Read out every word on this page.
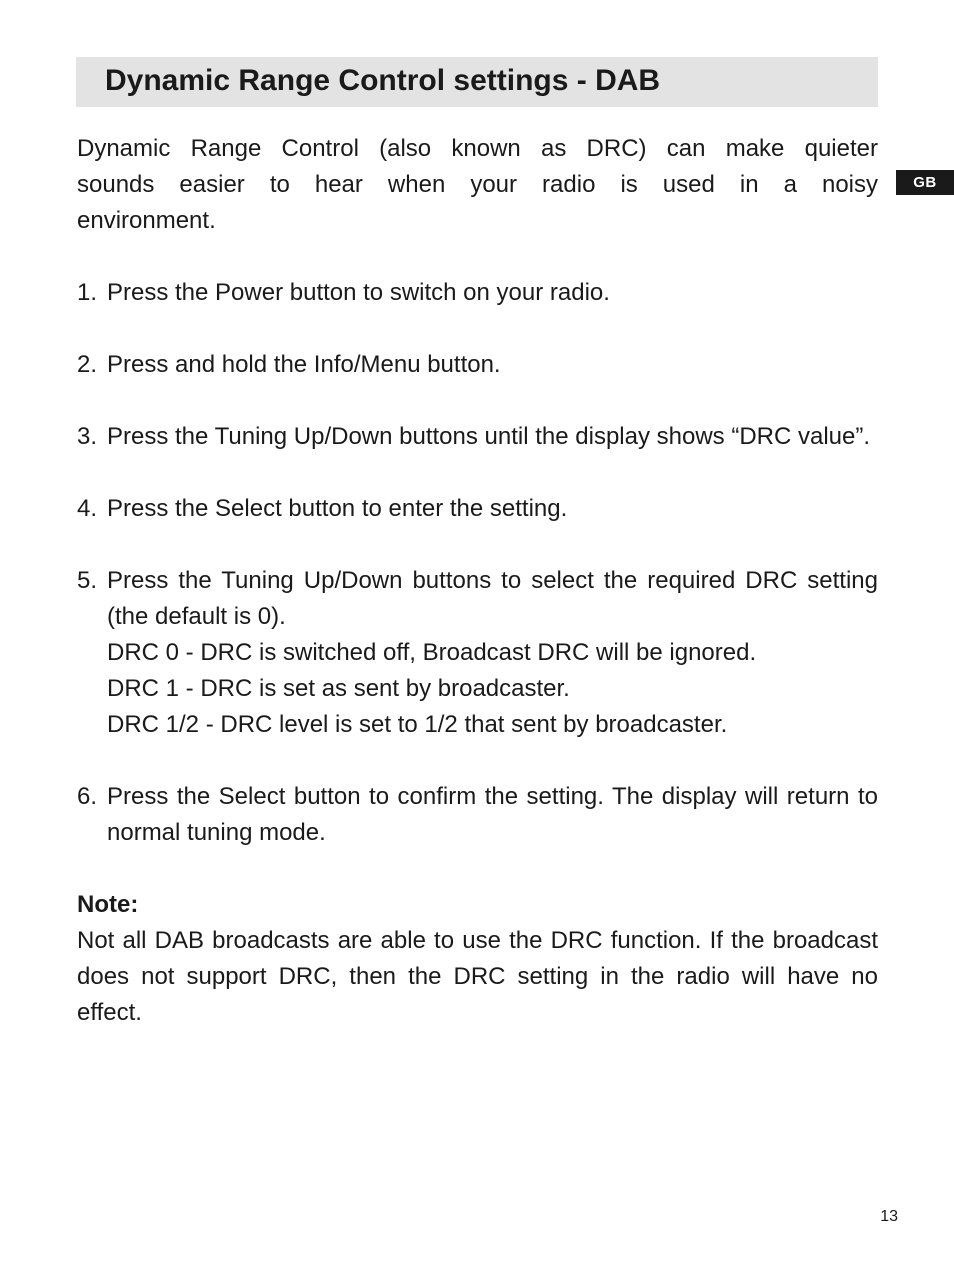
Dynamic Range Control settings - DAB
GB

Dynamic Range Control (also known as DRC) can make quieter
sounds easier to hear when your radio is used in a noisy
environment.

1. Press the Power button to switch on your radio.
2. Press and hold the Info/Menu button.
3. Press the Tuning Up/Down buttons until the display shows “DRC value”.
4. Press the Select button to enter the setting.
5. Press the Tuning Up/Down buttons to select the required DRC setting (the default is 0).
DRC 0 - DRC is switched off, Broadcast DRC will be ignored.
DRC 1 - DRC is set as sent by broadcaster.
DRC 1/2 - DRC level is set to 1/2 that sent by broadcaster.
6. Press the Select button to confirm the setting. The display will return to normal tuning mode.

Note:

Not all DAB broadcasts are able to use the DRC function. If the broadcast does not support DRC, then the DRC setting in the radio will have no effect.

13
